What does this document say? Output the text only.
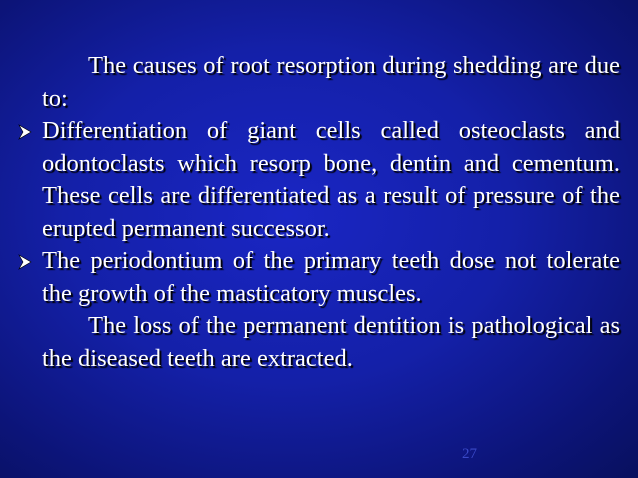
The causes of root resorption during shedding are due to:

Differentiation of giant cells called osteoclasts and odontoclasts which resorp bone, dentin and cementum. These cells are differentiated as a result of pressure of the erupted permanent successor.

The periodontium of the primary teeth dose not tolerate the growth of the masticatory muscles.

The loss of the permanent dentition is pathological as the diseased teeth are extracted.

27
